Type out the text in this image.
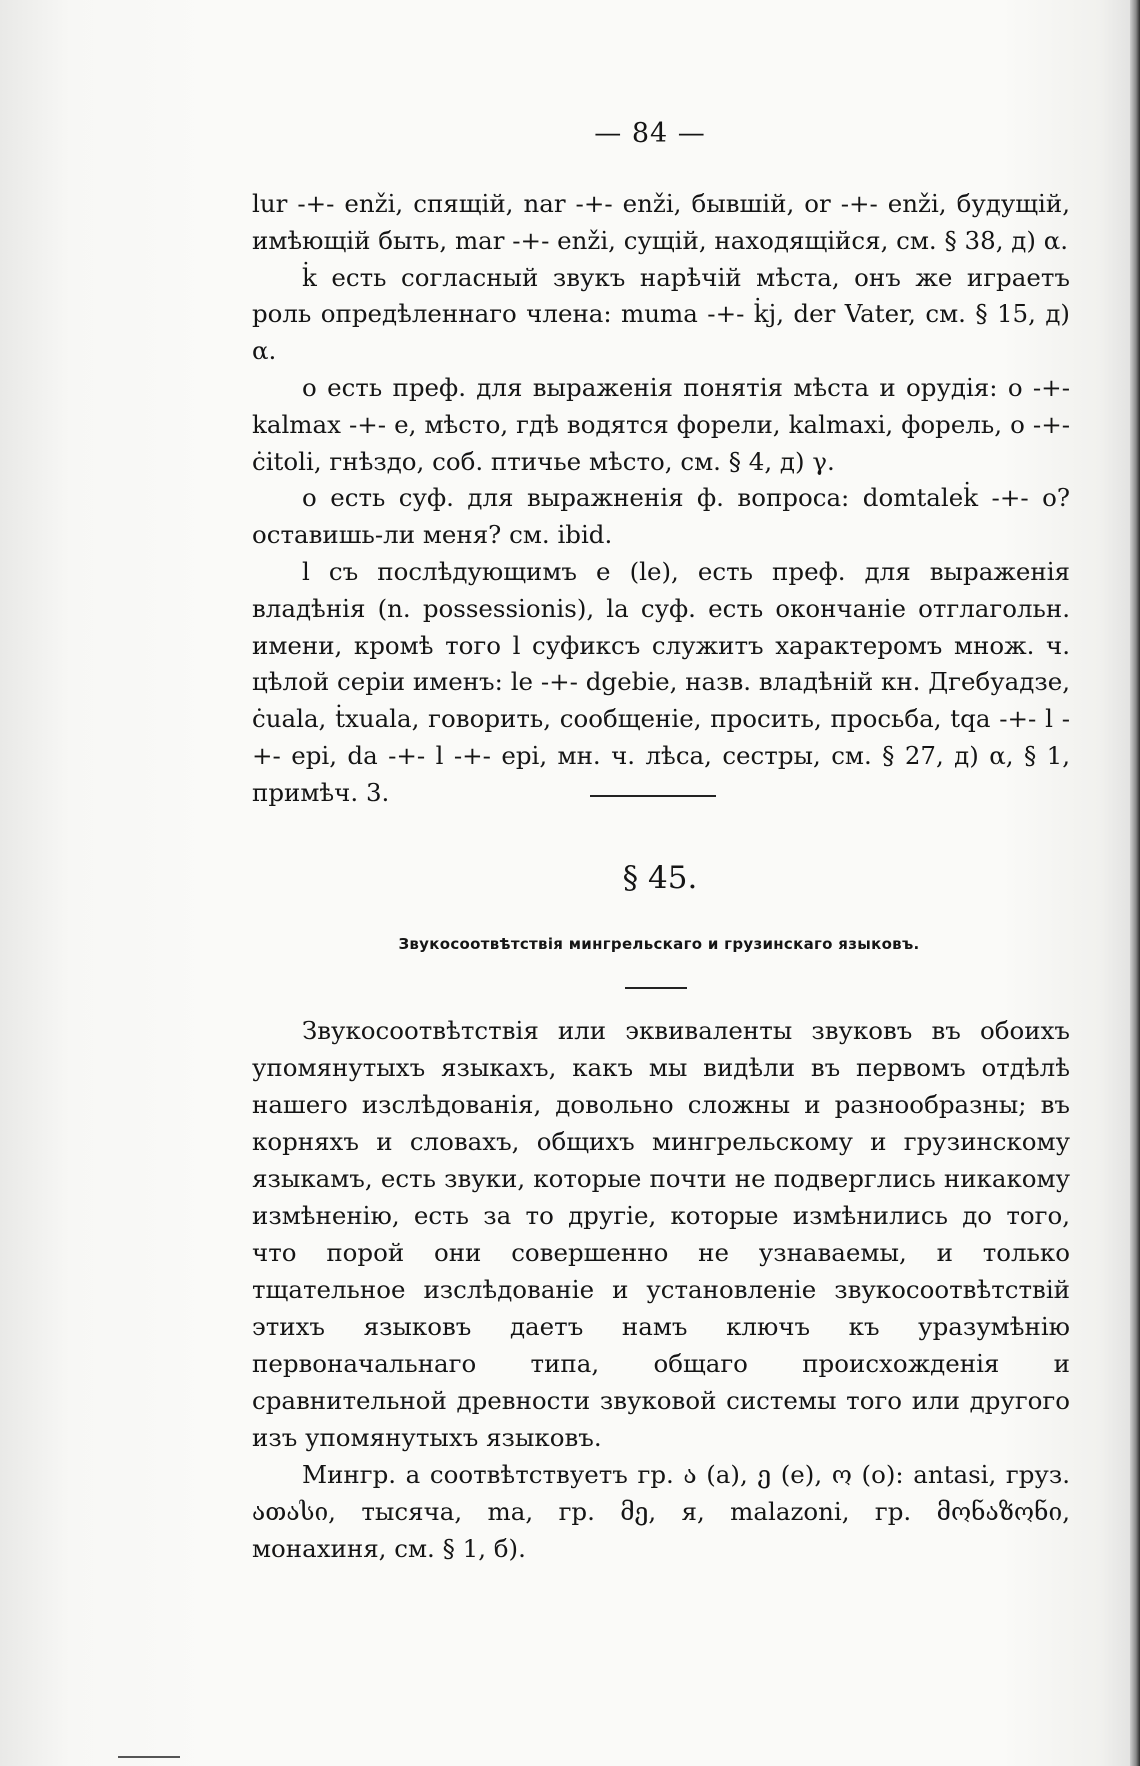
— 84 —

lur -+- enži, спящій, nar -+- enži, бывшій, or -+- enži, будущій, имѣющій быть, mar -+- enži, сущій, находящійся, см. § 38, д) α.

k̇ есть согласный звукъ нарѣчій мѣста, онъ же играетъ роль опредѣленнаго члена: muma -+- k̇j, der Vater, см. § 15, д) α.

o есть преф. для выраженія понятія мѣста и орудія: o -+- kalmax -+- e, мѣсто, гдѣ водятся форели, kalmaxi, форель, o -+- ċitoli, гнѣздо, соб. птичье мѣсто, см. § 4, д) γ.

o есть суф. для выражненія ф. вопроса: domtalek̇ -+- o? оставишь-ли меня? см. ibid.

l съ послѣдующимъ e (le), есть преф. для выраженія владѣнія (n. possessionis), la суф. есть окончаніе отглагольн. имени, кромѣ того l суфиксъ служитъ характеромъ множ. ч. цѣлой серіи именъ: le -+- dgebie, назв. владѣній кн. Дгебуадзе, ċuala, ṫxuala, говорить, сообщеніе, просить, просьба, tqa -+- l -+- epi, da -+- l -+- epi, мн. ч. лѣса, сестры, см. § 27, д) α, § 1, примѣч. 3.

§ 45.
Звукосоотвѣтствія мингрельскаго и грузинскаго языковъ.

Звукосоотвѣтствія или эквиваленты звуковъ въ обоихъ упомянутыхъ языкахъ, какъ мы видѣли въ первомъ отдѣлѣ нашего изслѣдованія, довольно сложны и разнообразны; въ корняхъ и словахъ, общихъ мингрельскому и грузинскому языкамъ, есть звуки, которые почти не подверглись никакому измѣненію, есть за то другіе, которые измѣнились до того, что порой они совершенно не узнаваемы, и только тщательное изслѣдованіе и установленіе звукосоотвѣтствій этихъ языковъ даетъ намъ ключъ къ уразумѣнію первоначальнаго типа, общаго происхожденія и сравнительной древности звуковой системы того или другого изъ упомянутыхъ языковъ.

Мингр. a соотвѣтствуетъ гр. ა (a), ე (e), ო (o): antasi, груз. ათასი, тысяча, ma, гр. მე, я, malazoni, гр. მონაზონი, монахиня, см. § 1, б).
